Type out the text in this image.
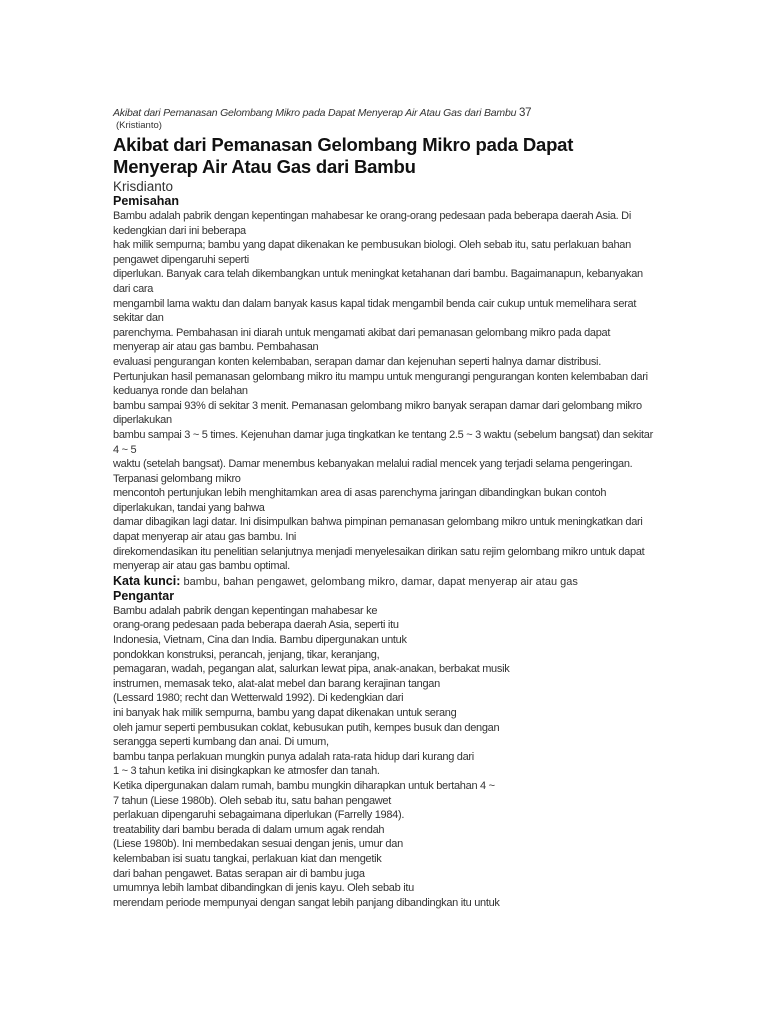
Akibat dari Pemanasan Gelombang Mikro pada Dapat Menyerap Air Atau Gas dari Bambu 37
(Kristianto)
Akibat dari Pemanasan Gelombang Mikro pada Dapat Menyerap Air Atau Gas dari Bambu
Krisdianto
Pemisahan
Bambu adalah pabrik dengan kepentingan mahabesar ke orang-orang pedesaan pada beberapa daerah Asia. Di kedengkian dari ini beberapa
hak milik sempurna; bambu yang dapat dikenakan ke pembusukan biologi. Oleh sebab itu, satu perlakuan bahan pengawet dipengaruhi seperti
diperlukan. Banyak cara telah dikembangkan untuk meningkat ketahanan dari bambu. Bagaimanapun, kebanyakan dari cara
mengambil lama waktu dan dalam banyak kasus kapal tidak mengambil benda cair cukup untuk memelihara serat sekitar dan
parenchyma. Pembahasan ini diarah untuk mengamati akibat dari pemanasan gelombang mikro pada dapat menyerap air atau gas bambu. Pembahasan
evaluasi pengurangan konten kelembaban, serapan damar dan kejenuhan seperti halnya damar distribusi.
Pertunjukan hasil pemanasan gelombang mikro itu mampu untuk mengurangi pengurangan konten kelembaban dari keduanya ronde dan belahan
bambu sampai 93% di sekitar 3 menit. Pemanasan gelombang mikro banyak serapan damar dari gelombang mikro diperlakukan
bambu sampai 3 ~ 5 times. Kejenuhan damar juga tingkatkan ke tentang 2.5 ~ 3 waktu (sebelum bangsat) dan sekitar 4 ~ 5
waktu (setelah bangsat). Damar menembus kebanyakan melalui radial mencek yang terjadi selama pengeringan. Terpanasi gelombang mikro
mencontoh pertunjukan lebih menghitamkan area di asas parenchyma jaringan dibandingkan bukan contoh diperlakukan, tandai yang bahwa
damar dibagikan lagi datar. Ini disimpulkan bahwa pimpinan pemanasan gelombang mikro untuk meningkatkan dari dapat menyerap air atau gas bambu. Ini
direkomendasikan itu penelitian selanjutnya menjadi menyelesaikan dirikan satu rejim gelombang mikro untuk dapat menyerap air atau gas bambu optimal.

Kata kunci: bambu, bahan pengawet, gelombang mikro, damar, dapat menyerap air atau gas

Pengantar
Bambu adalah pabrik dengan kepentingan mahabesar ke
orang-orang pedesaan pada beberapa daerah Asia, seperti itu
Indonesia, Vietnam, Cina dan India. Bambu dipergunakan untuk
pondokkan konstruksi, perancah, jenjang, tikar, keranjang,
pemagaran, wadah, pegangan alat, salurkan lewat pipa, anak-anakan, berbakat musik
instrumen, memasak teko, alat-alat mebel dan barang kerajinan tangan
(Lessard 1980; recht dan Wetterwald 1992). Di kedengkian dari
ini banyak hak milik sempurna, bambu yang dapat dikenakan untuk serang
oleh jamur seperti pembusukan coklat, kebusukan putih, kempes busuk dan dengan
serangga seperti kumbang dan anai. Di umum,
bambu tanpa perlakuan mungkin punya adalah rata-rata hidup dari kurang dari
1 ~ 3 tahun ketika ini disingkapkan ke atmosfer dan tanah.
Ketika dipergunakan dalam rumah, bambu mungkin diharapkan untuk bertahan 4 ~
7 tahun (Liese 1980b). Oleh sebab itu, satu bahan pengawet
perlakuan dipengaruhi sebagaimana diperlukan (Farrelly 1984).
treatability dari bambu berada di dalam umum agak rendah
(Liese 1980b). Ini membedakan sesuai dengan jenis, umur dan
kelembaban isi suatu tangkai, perlakuan kiat dan mengetik
dari bahan pengawet. Batas serapan air di bambu juga
umumnya lebih lambat dibandingkan di jenis kayu. Oleh sebab itu
merendam periode mempunyai dengan sangat lebih panjang dibandingkan itu untuk
